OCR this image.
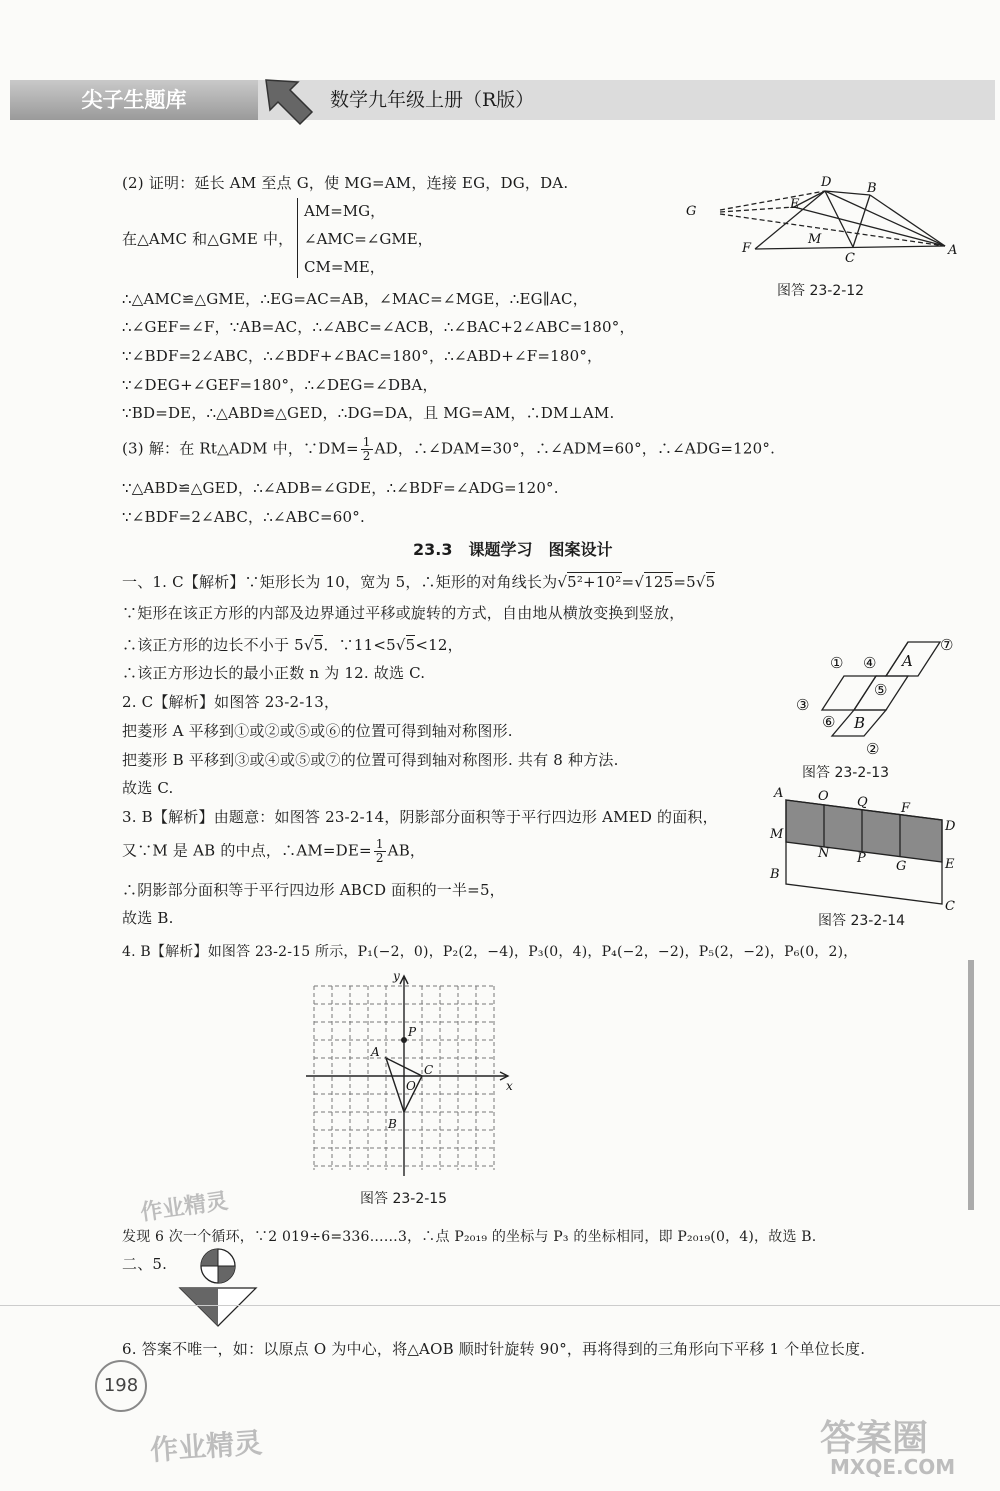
尖子生题库	数学九年级上册（R版）
(2) 证明：延长 AM 至点 G，使 MG=AM，连接 EG，DG，DA.
在△AMC 和△GME 中，
AM=MG，
∠AMC=∠GME，
CM=ME，
∴△AMC≌△GME，∴EG=AC=AB，∠MAC=∠MGE，∴EG∥AC，
∴∠GEF=∠F，∵AB=AC，∴∠ABC=∠ACB，∴∠BAC+2∠ABC=180°，
∵∠BDF=2∠ABC，∴∠BDF+∠BAC=180°，∴∠ABD+∠F=180°，
∵∠DEG+∠GEF=180°，∴∠DEG=∠DBA，
∵BD=DE，∴△ABD≌△GED，∴DG=DA，且 MG=AM，∴DM⊥AM.
(3) 解：在 Rt△ADM 中，∵DM= $\frac{1}{2}$ AD，∴∠DAM=30°，∴∠ADM=60°，∴∠ADG=120°.
∵△ABD≌△GED，∴∠ADB=∠GDE，∴∠BDF=∠ADG=120°.
∵∠BDF=2∠ABC，∴∠ABC=60°.
G
D	B
E
M
F
C
A
图答 23-2-12
23.3　课题学习　图案设计
一、1. C【解析】∵矩形长为 10，宽为 5，∴矩形的对角线长为√5²+10²=√125=5√5
∵矩形在该正方形的内部及边界通过平移或旋转的方式，自由地从横放变换到竖放，
∴该正方形的边长不小于 5√5．∵11<5√5<12，
∴该正方形边长的最小正数 n 为 12. 故选 C.
① ④ A
⑦
⑤
③
⑥ B
②
图答 23-2-13
2. C【解析】如图答 23-2-13，
把菱形 A 平移到①或②或⑤或⑥的位置可得到轴对称图形.
把菱形 B 平移到③或④或⑤或⑦的位置可得到轴对称图形. 共有 8 种方法.
故选 C.	A	O Q	F
M
D
N P
G	E
B
C
图答 23-2-14
3. B【解析】由题意：如图答 23-2-14，阴影部分面积等于平行四边形 AMED 的面积，
又∵M 是 AB 的中点，∴AM=DE= $\frac{1}{2}$ AB，
∴阴影部分面积等于平行四边形 ABCD 面积的一半=5，
故选 B.
4. B【解析】如图答 23-2-15 所示，P₁(−2，0)，P₂(2，−4)，P₃(0，4)，P₄(−2，−2)，P₅(2，−2)，P₆(0，2)，
y
P
A
C
O	x
B
图答 23-2-15
发现 6 次一个循环，∵2 019÷6=336……3，∴点 P₂₀₁₉ 的坐标与 P₃ 的坐标相同，即 P₂₀₁₉(0，4)，故选 B.
二、5.
6. 答案不唯一，如：以原点 O 为中心，将△AOB 顺时针旋转 90°，再将得到的三角形向下平移 1 个单位长度.
198
作业精灵
作业精灵	答案圈
MXQE.COM
